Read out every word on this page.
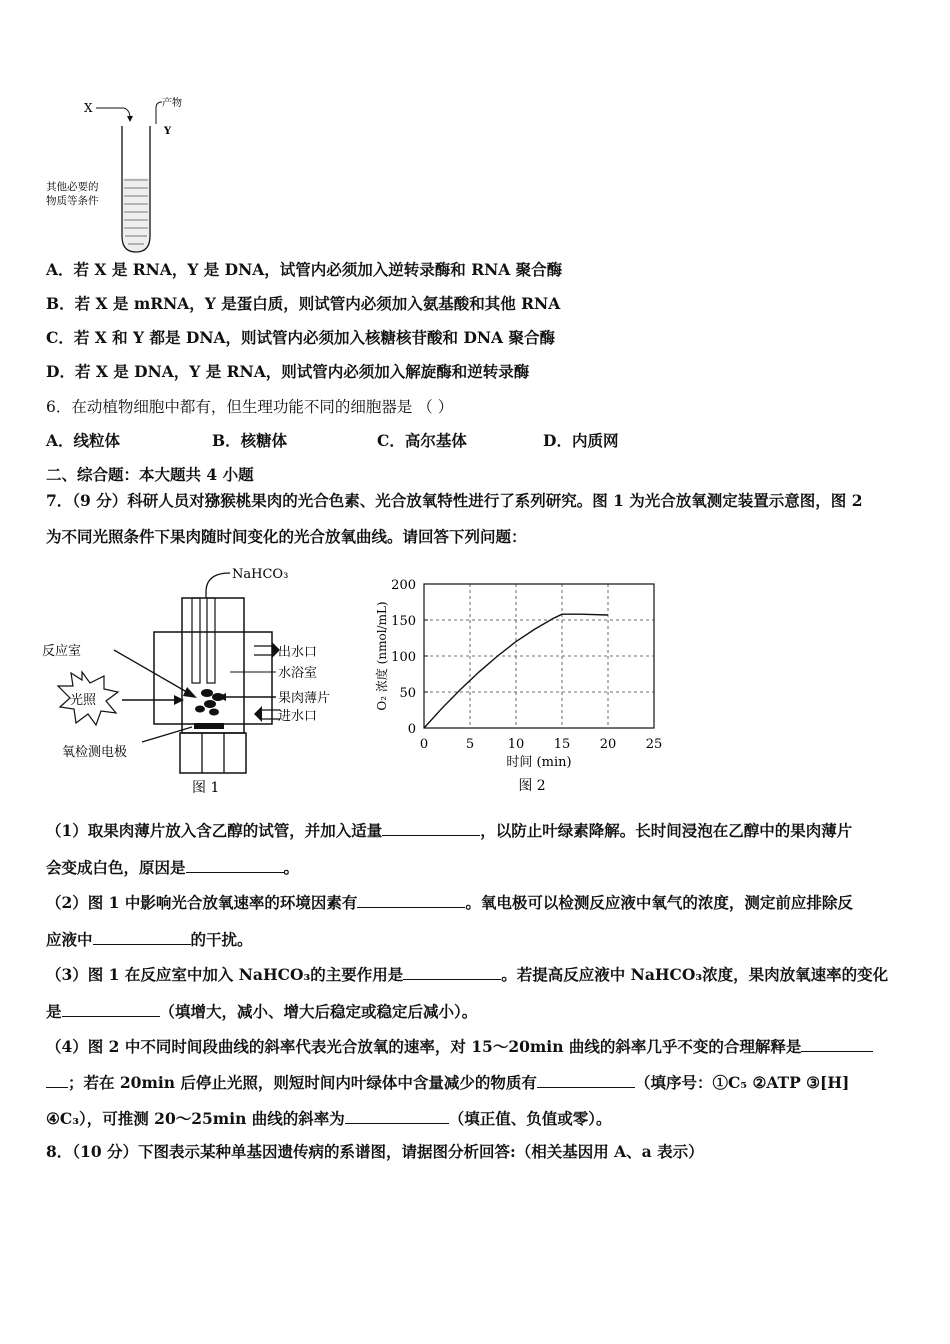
X	产物
Y
其他必要的
物质等条件
A．若 X 是 RNA，Y 是 DNA，试管内必须加入逆转录酶和 RNA 聚合酶
B．若 X 是 mRNA，Y 是蛋白质，则试管内必须加入氨基酸和其他 RNA
C．若 X 和 Y 都是 DNA，则试管内必须加入核糖核苷酸和 DNA 聚合酶
D．若 X 是 DNA，Y 是 RNA，则试管内必须加入解旋酶和逆转录酶
6．在动植物细胞中都有，但生理功能不同的细胞器是 （ ）
A．线粒体	B．核糖体	C．高尔基体	D．内质网
二、综合题：本大题共 4 小题
7．（9 分）科研人员对猕猴桃果肉的光合色素、光合放氧特性进行了系列研究。图 1 为光合放氧测定装置示意图，图 2
为不同光照条件下果肉随时间变化的光合放氧曲线。请回答下列问题：
NaHCO₃
出水口
水浴室
果肉薄片
进水口
反应室
光照
氧检测电极
图 1
0	5	10 15 20 25
0
50
100
150
200
时间 (min)
O₂ 浓度 (nmol/mL)
图 2
（1）取果肉薄片放入含乙醇的试管，并加入适量	，以防止叶绿素降解。长时间浸泡在乙醇中的果肉薄片
会变成白色，原因是	。
（2）图 1 中影响光合放氧速率的环境因素有	。氧电极可以检测反应液中氧气的浓度，测定前应排除反
应液中	的干扰。
（3）图 1 在反应室中加入 NaHCO₃的主要作用是	。若提高反应液中 NaHCO₃浓度，果肉放氧速率的变化
是	（填增大，减小、增大后稳定或稳定后减小）。
（4）图 2 中不同时间段曲线的斜率代表光合放氧的速率，对 15～20min 曲线的斜率几乎不变的合理解释是
；若在 20min 后停止光照，则短时间内叶绿体中含量减少的物质有	（填序号：①C₅ ②ATP ③[H]
④C₃），可推测 20～25min 曲线的斜率为	（填正值、负值或零）。
8．（10 分）下图表示某种单基因遗传病的系谱图，请据图分析回答:（相关基因用 A、a 表示）
